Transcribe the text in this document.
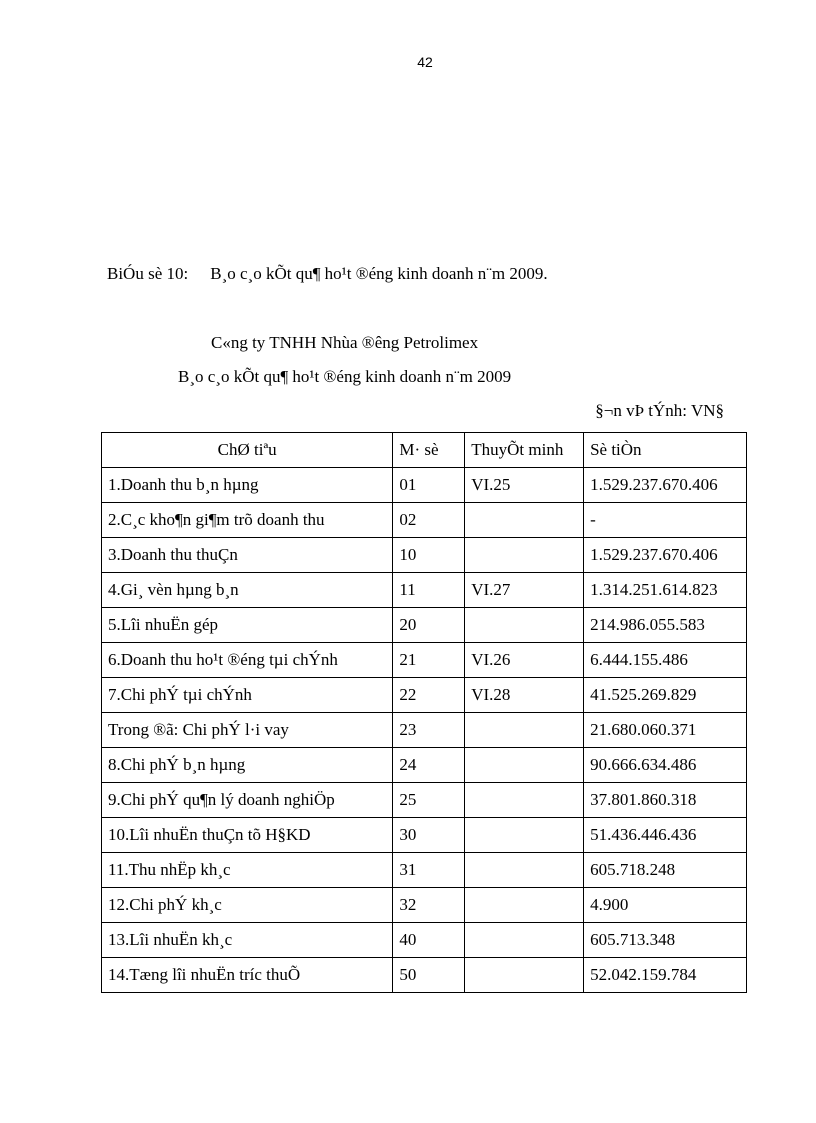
42
BiÓu sè 10: B¸o c¸o kÕt qu¶ ho¹t ®éng kinh doanh n¨m 2009.
C«ng ty TNHH Nhùa ®êng Petrolimex
B¸o c¸o kÕt qu¶ ho¹t ®éng kinh doanh n¨m 2009
§¬n vÞ tÝnh: VN§
ChØ tiªu	M· sè	ThuyÕt minh	Sè tiÒn
1.Doanh thu b¸n hµng	01	VI.25	1.529.237.670.406
2.C¸c kho¶n gi¶m trõ doanh thu	02		-
3.Doanh thu thuÇn	10		1.529.237.670.406
4.Gi¸ vèn hµng b¸n	11	VI.27	1.314.251.614.823
5.Lîi nhuËn gép	20		214.986.055.583
6.Doanh thu ho¹t ®éng tµi chÝnh	21	VI.26	6.444.155.486
7.Chi phÝ tµi chÝnh	22	VI.28	41.525.269.829
Trong ®ã: Chi phÝ l·i vay	23		21.680.060.371
8.Chi phÝ b¸n hµng	24		90.666.634.486
9.Chi phÝ qu¶n lý doanh nghiÖp	25		37.801.860.318
10.Lîi nhuËn thuÇn tõ H§KD	30		51.436.446.436
11.Thu nhËp kh¸c	31		605.718.248
12.Chi phÝ kh¸c	32		4.900
13.Lîi nhuËn kh¸c	40		605.713.348
14.Tæng lîi nhuËn tríc thuÕ	50		52.042.159.784
